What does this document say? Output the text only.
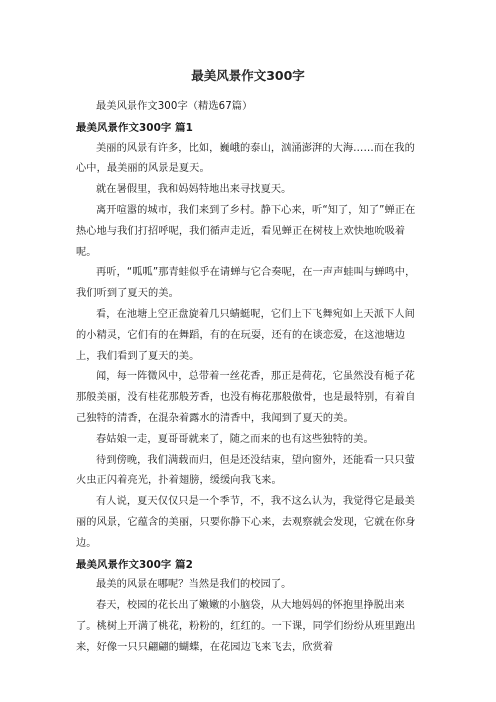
最美风景作文300字

最美风景作文300字（精选67篇）

最美风景作文300字 篇1

美丽的风景有许多，比如，巍峨的泰山，汹涌澎湃的大海……而在我的心中，最美丽的风景是夏天。

就在暑假里，我和妈妈特地出来寻找夏天。

离开喧嚣的城市，我们来到了乡村。静下心来，听“知了，知了”蝉正在热心地与我们打招呼呢，我们循声走近，看见蝉正在树枝上欢快地吮吸着呢。

再听，“呱呱”那青蛙似乎在请蝉与它合奏呢，在一声声蛙叫与蝉鸣中，我们听到了夏天的美。

看，在池塘上空正盘旋着几只蜻蜓呢，它们上下飞舞宛如上天派下人间的小精灵，它们有的在舞蹈，有的在玩耍，还有的在谈恋爱，在这池塘边上，我们看到了夏天的美。

闻，每一阵微风中，总带着一丝花香，那正是荷花，它虽然没有栀子花那般美丽，没有桂花那般芳香，也没有梅花那般傲骨，也是最特别，有着自己独特的清香，在混杂着露水的清香中，我闻到了夏天的美。

春姑娘一走，夏哥哥就来了，随之而来的也有这些独特的美。

待到傍晚，我们满载而归，但是还没结束，望向窗外，还能看一只只萤火虫正闪着亮光，扑着翅膀，缓缓向我飞来。

有人说，夏天仅仅只是一个季节，不，我不这么认为，我觉得它是最美丽的风景，它蕴含的美丽，只要你静下心来，去观察就会发现，它就在你身边。

最美风景作文300字 篇2

最美的风景在哪呢？当然是我们的校园了。

春天，校园的花长出了嫩嫩的小脑袋，从大地妈妈的怀抱里挣脱出来了。桃树上开满了桃花，粉粉的，红红的。一下课，同学们纷纷从班里跑出来，好像一只只翩翩的蝴蝶，在花园边飞来飞去，欣赏着
